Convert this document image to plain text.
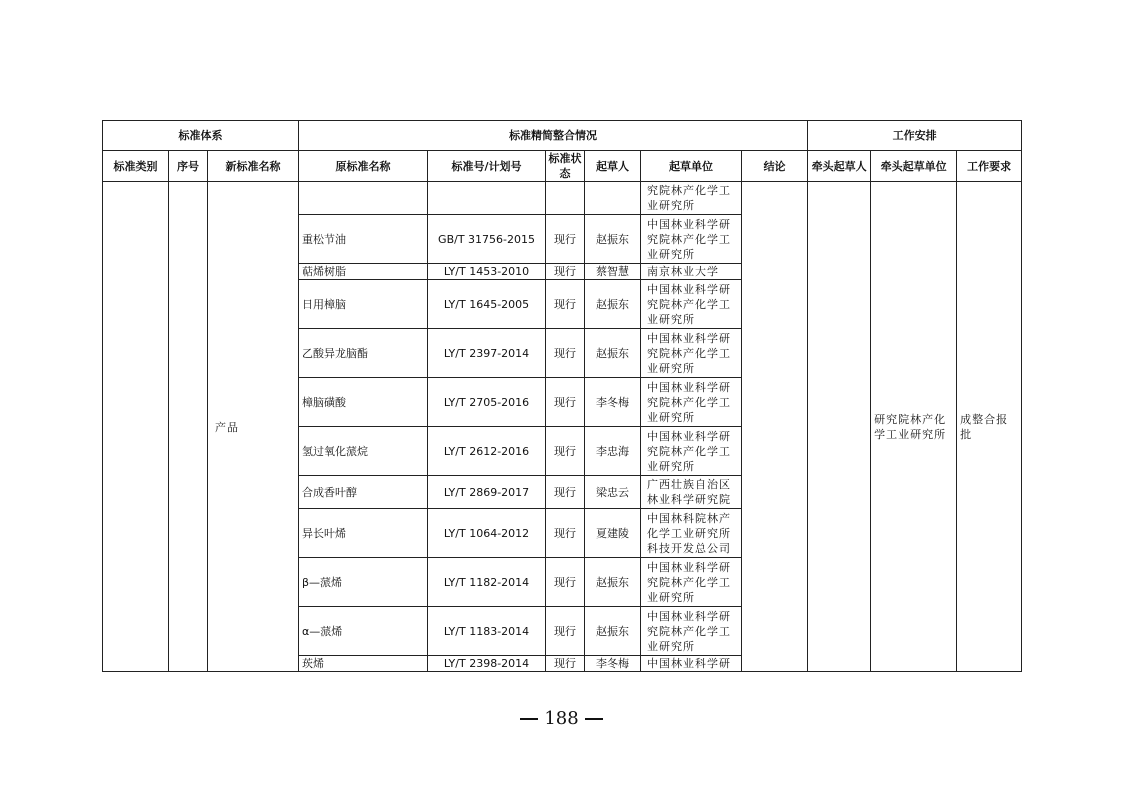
标准体系			标准精简整合情况						工作安排		
标准类别	序号	新标准名称	原标准名称	标准号/计划号	标准状态	起草人	起草单位	结论	牵头起草人	牵头起草单位	工作要求

		产品					究院林产化学工业研究所			研究院林产化学工业研究所	成整合报批

			重松节油	GB/T 31756-2015	现行	赵振东	中国林业科学研究院林产化学工业研究所				
			萜烯树脂	LY/T 1453-2010	现行	蔡智慧	南京林业大学				
			日用樟脑	LY/T 1645-2005	现行	赵振东	中国林业科学研究院林产化学工业研究所				
			乙酸异龙脑酯	LY/T 2397-2014	现行	赵振东	中国林业科学研究院林产化学工业研究所				
			樟脑磺酸	LY/T 2705-2016	现行	李冬梅	中国林业科学研究院林产化学工业研究所				
			氢过氧化蒎烷	LY/T 2612-2016	现行	李忠海	中国林业科学研究院林产化学工业研究所				
			合成香叶醇	LY/T 2869-2017	现行	梁忠云	广西壮族自治区林业科学研究院				
			异长叶烯	LY/T 1064-2012	现行	夏建陵	中国林科院林产化学工业研究所科技开发总公司				
			β—蒎烯	LY/T 1182-2014	现行	赵振东	中国林业科学研究院林产化学工业研究所				
			α—蒎烯	LY/T 1183-2014	现行	赵振东	中国林业科学研究院林产化学工业研究所				
			莰烯	LY/T 2398-2014	现行	李冬梅	中国林业科学研				
188
